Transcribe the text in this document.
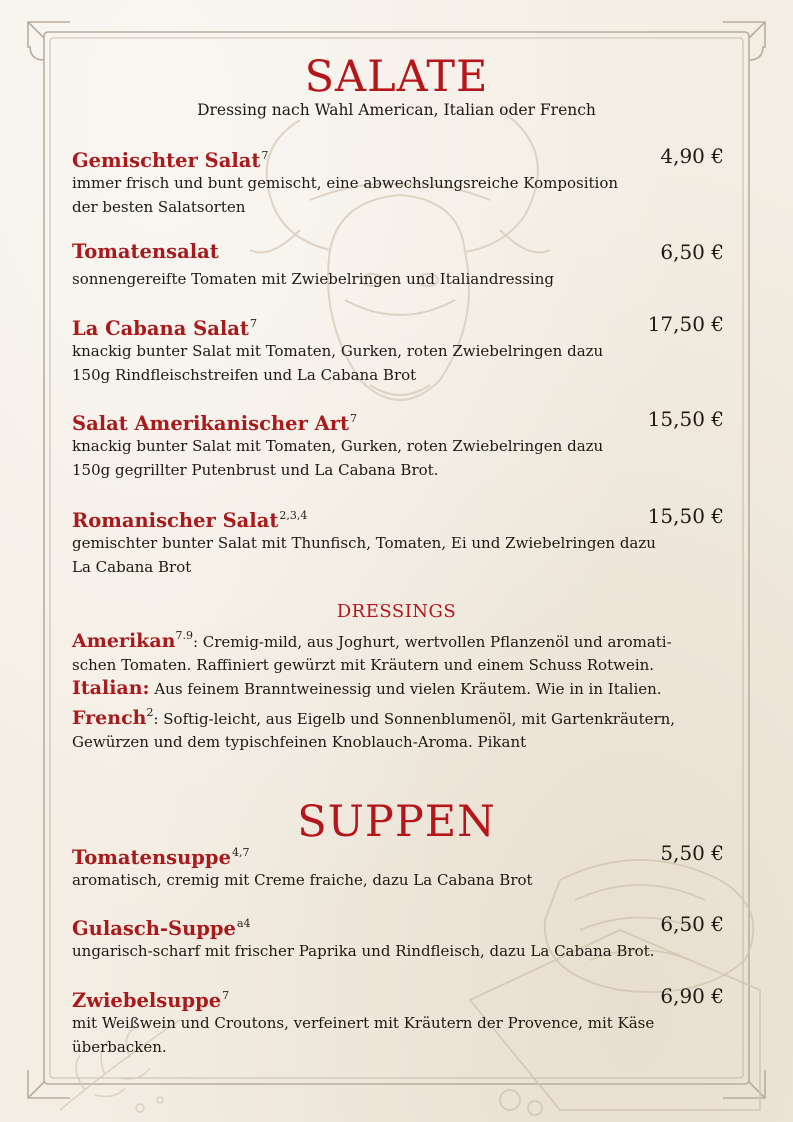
SALATE
Dressing nach Wahl American, Italian oder French
Gemischter Salat$^7$	4,90 €
immer frisch und bunt gemischt, eine abwechslungsreiche Komposition
der besten Salatsorten
Tomatensalat	6,50 €
sonnengereifte Tomaten mit Zwiebelringen und Italiandressing
La Cabana Salat$^7$	17,50 €
knackig bunter Salat mit Tomaten, Gurken, roten Zwiebelringen dazu
150g Rindfleischstreifen und La Cabana Brot
Salat Amerikanischer Art$^7$	15,50 €
knackig bunter Salat mit Tomaten, Gurken, roten Zwiebelringen dazu
150g gegrillter Putenbrust und La Cabana Brot.
Romanischer Salat$^{2,3,4}$	15,50 €
gemischter bunter Salat mit Thunfisch, Tomaten, Ei und Zwiebelringen dazu
La Cabana Brot
DRESSINGS
Amerikan$^{7.9}$: Cremig-mild, aus Joghurt, wertvollen Pflanzenöl und aromati-
schen Tomaten. Raffiniert gewürzt mit Kräutern und einem Schuss Rotwein.
Italian: Aus feinem Branntweinessig und vielen Kräutem. Wie in in Italien.
French$^2$: Softig-leicht, aus Eigelb und Sonnenblumenöl, mit Gartenkräutern,
Gewürzen und dem typischfeinen Knoblauch-Aroma. Pikant
SUPPEN
Tomatensuppe$^{4,7}$	5,50 €
aromatisch, cremig mit Creme fraiche, dazu La Cabana Brot
Gulasch-Suppe$^{a4}$	6,50 €
ungarisch-scharf mit frischer Paprika und Rindfleisch, dazu La Cabana Brot.
Zwiebelsuppe$^7$	6,90 €
mit Weißwein und Croutons, verfeinert mit Kräutern der Provence, mit Käse
überbacken.
